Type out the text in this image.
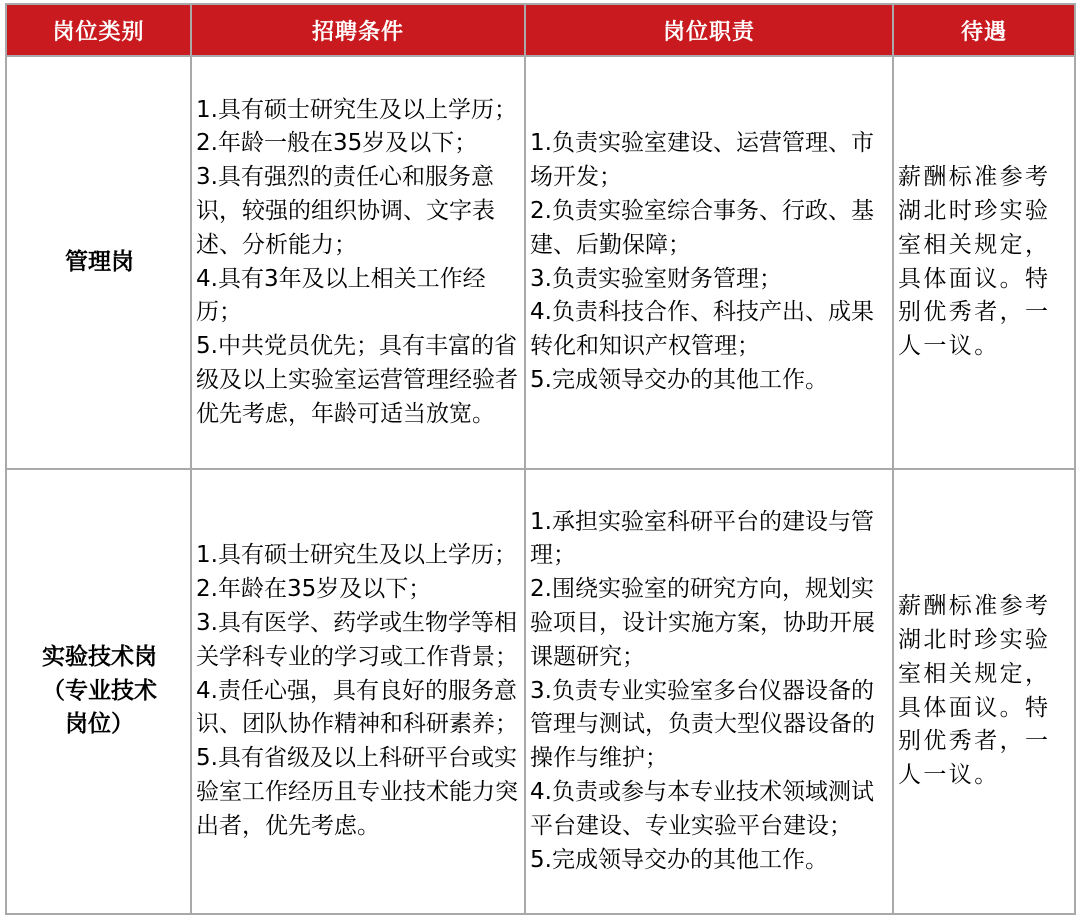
岗位类别	招聘条件	岗位职责	待遇

管理岗	1.具有硕士研究生及以上学历；
2.年龄一般在35岁及以下；
3.具有强烈的责任心和服务意识，较强的组织协调、文字表述、分析能力；
4.具有3年及以上相关工作经历；
5.中共党员优先；具有丰富的省级及以上实验室运营管理经验者优先考虑，年龄可适当放宽。	1.负责实验室建设、运营管理、市场开发；
2.负责实验室综合事务、行政、基建、后勤保障；
3.负责实验室财务管理；
4.负责科技合作、科技产出、成果转化和知识产权管理；
5.完成领导交办的其他工作。	薪酬标准参考湖北时珍实验室相关规定，具体面议。特别优秀者，一人一议。

实验技术岗
（专业技术
岗位）	1.具有硕士研究生及以上学历；
2.年龄在35岁及以下；
3.具有医学、药学或生物学等相关学科专业的学习或工作背景；
4.责任心强，具有良好的服务意识、团队协作精神和科研素养；
5.具有省级及以上科研平台或实验室工作经历且专业技术能力突出者，优先考虑。	1.承担实验室科研平台的建设与管理；
2.围绕实验室的研究方向，规划实验项目，设计实施方案，协助开展课题研究；
3.负责专业实验室多台仪器设备的管理与测试，负责大型仪器设备的操作与维护；
4.负责或参与本专业技术领域测试平台建设、专业实验平台建设；
5.完成领导交办的其他工作。	薪酬标准参考湖北时珍实验室相关规定，具体面议。特别优秀者，一人一议。
